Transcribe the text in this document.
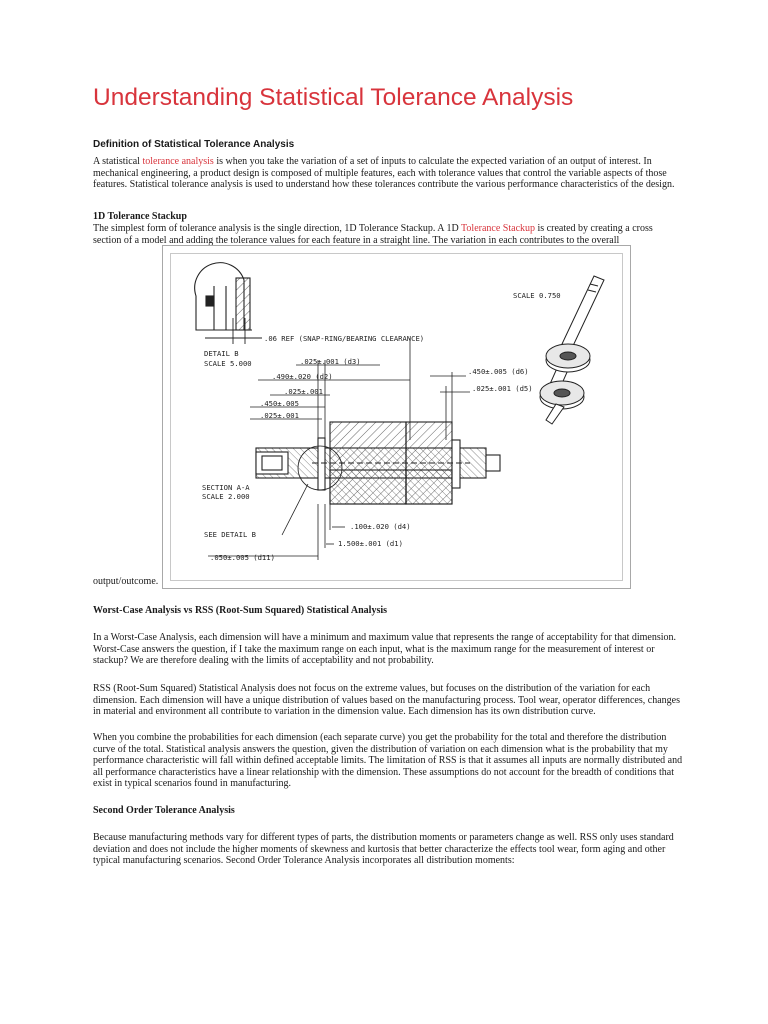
Understanding Statistical Tolerance Analysis
Definition of Statistical Tolerance Analysis

A statistical tolerance analysis is when you take the variation of a set of inputs to calculate the expected variation of an output of interest. In mechanical engineering, a product design is composed of multiple features, each with tolerance values that control the variable aspects of those features. Statistical tolerance analysis is used to understand how these tolerances contribute the various performance characteristics of the design.

1D Tolerance Stackup

The simplest form of tolerance analysis is the single direction, 1D Tolerance Stackup. A 1D Tolerance Stackup is created by creating a cross section of a model and adding the tolerance values for each feature in a straight line. The variation in each contributes to the overall

.06 REF (SNAP-RING/BEARING CLEARANCE)
DETAIL B
SCALE 5.000	.025±.001 (d3)
.490±.020 (d2)
.025±.001
.450±.005
.025±.001
.450±.005 (d6)
.025±.001 (d5)
SECTION A-A
SCALE 2.000
SEE DETAIL B
.100±.020 (d4)
1.500±.001 (d1)
.050±.005 (d11)
SCALE 0.750

output/outcome.

Worst-Case Analysis vs RSS (Root-Sum Squared) Statistical Analysis

In a Worst-Case Analysis, each dimension will have a minimum and maximum value that represents the range of acceptability for that dimension. Worst-Case answers the question, if I take the maximum range on each input, what is the maximum range for the measurement of interest or stackup? We are therefore dealing with the limits of acceptability and not probability.

RSS (Root-Sum Squared) Statistical Analysis does not focus on the extreme values, but focuses on the distribution of the variation for each dimension. Each dimension will have a unique distribution of values based on the manufacturing process. Tool wear, operator differences, changes in material and environment all contribute to variation in the dimension value. Each dimension has its own distribution curve.

When you combine the probabilities for each dimension (each separate curve) you get the probability for the total and therefore the distribution curve of the total. Statistical analysis answers the question, given the distribution of variation on each dimension what is the probability that my performance characteristic will fall within defined acceptable limits. The limitation of RSS is that it assumes all inputs are normally distributed and all performance characteristics have a linear relationship with the dimension. These assumptions do not account for the breadth of conditions that exist in typical scenarios found in manufacturing.

Second Order Tolerance Analysis

Because manufacturing methods vary for different types of parts, the distribution moments or parameters change as well. RSS only uses standard deviation and does not include the higher moments of skewness and kurtosis that better characterize the effects tool wear, form aging and other typical manufacturing scenarios. Second Order Tolerance Analysis incorporates all distribution moments:
